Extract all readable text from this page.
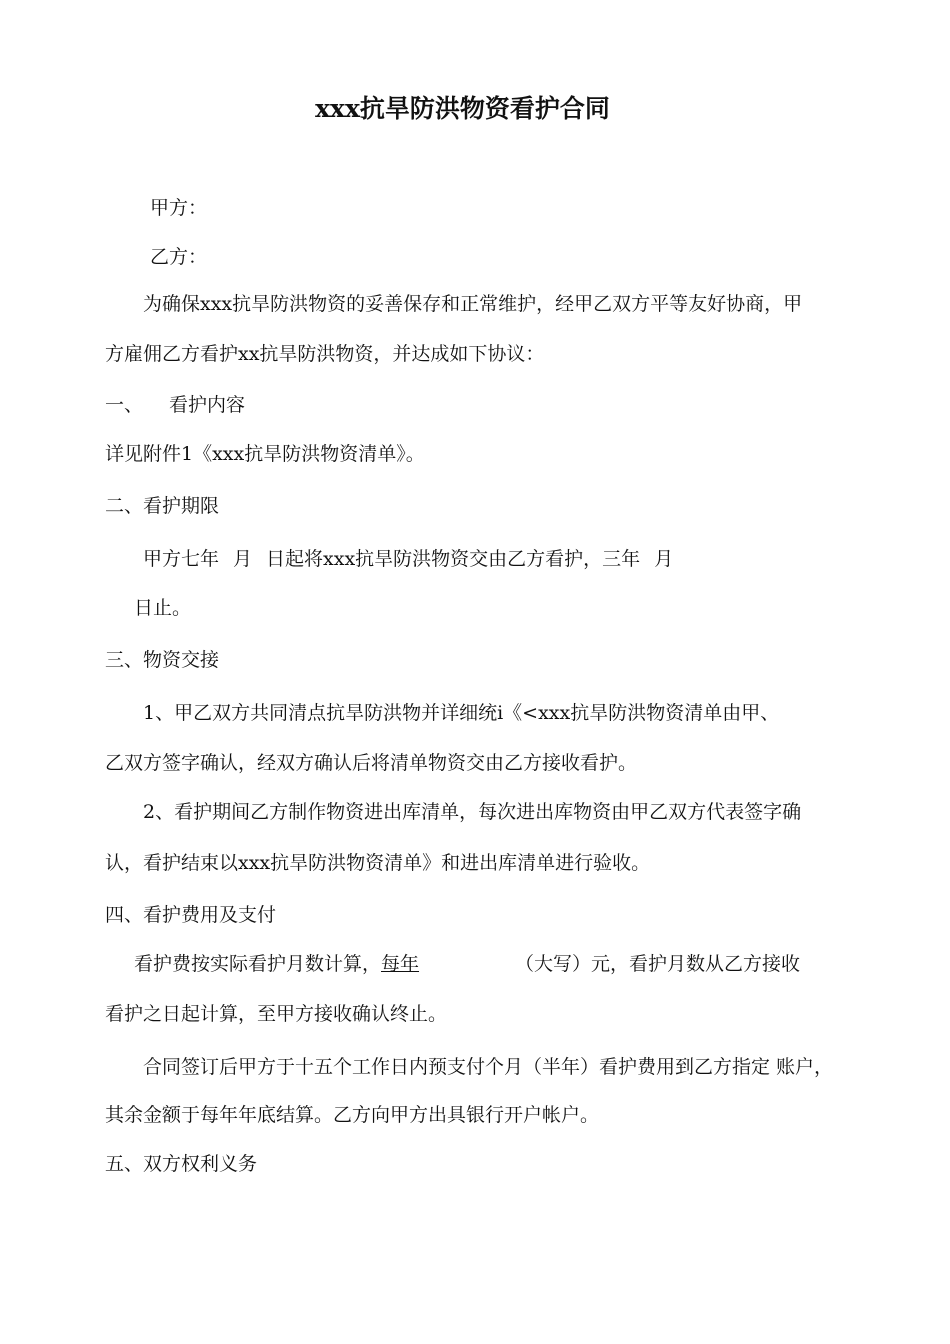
xxx抗旱防洪物资看护合同
甲方：
乙方：
为确保xxx抗旱防洪物资的妥善保存和正常维护，经甲乙双方平等友好协商，甲
方雇佣乙方看护xx抗旱防洪物资，并达成如下协议：
一、 看护内容
详见附件1《xxx抗旱防洪物资清单》。
二、看护期限
甲方七年 月 日起将xxx抗旱防洪物资交由乙方看护，三年 月
日止。
三、物资交接
1、甲乙双方共同清点抗旱防洪物并详细统i《<xxx抗旱防洪物资清单由甲、
乙双方签字确认，经双方确认后将清单物资交由乙方接收看护。
2、看护期间乙方制作物资进出库清单，每次进出库物资由甲乙双方代表签字确
认，看护结束以xxx抗旱防洪物资清单》和进出库清单进行验收。
四、看护费用及支付
看护费按实际看护月数计算，每年	（大写）元，看护月数从乙方接收
看护之日起计算，至甲方接收确认终止。
合同签订后甲方于十五个工作日内预支付个月（半年）看护费用到乙方指定 账户，
其余金额于每年年底结算。乙方向甲方出具银行开户帐户。
五、双方权利义务
